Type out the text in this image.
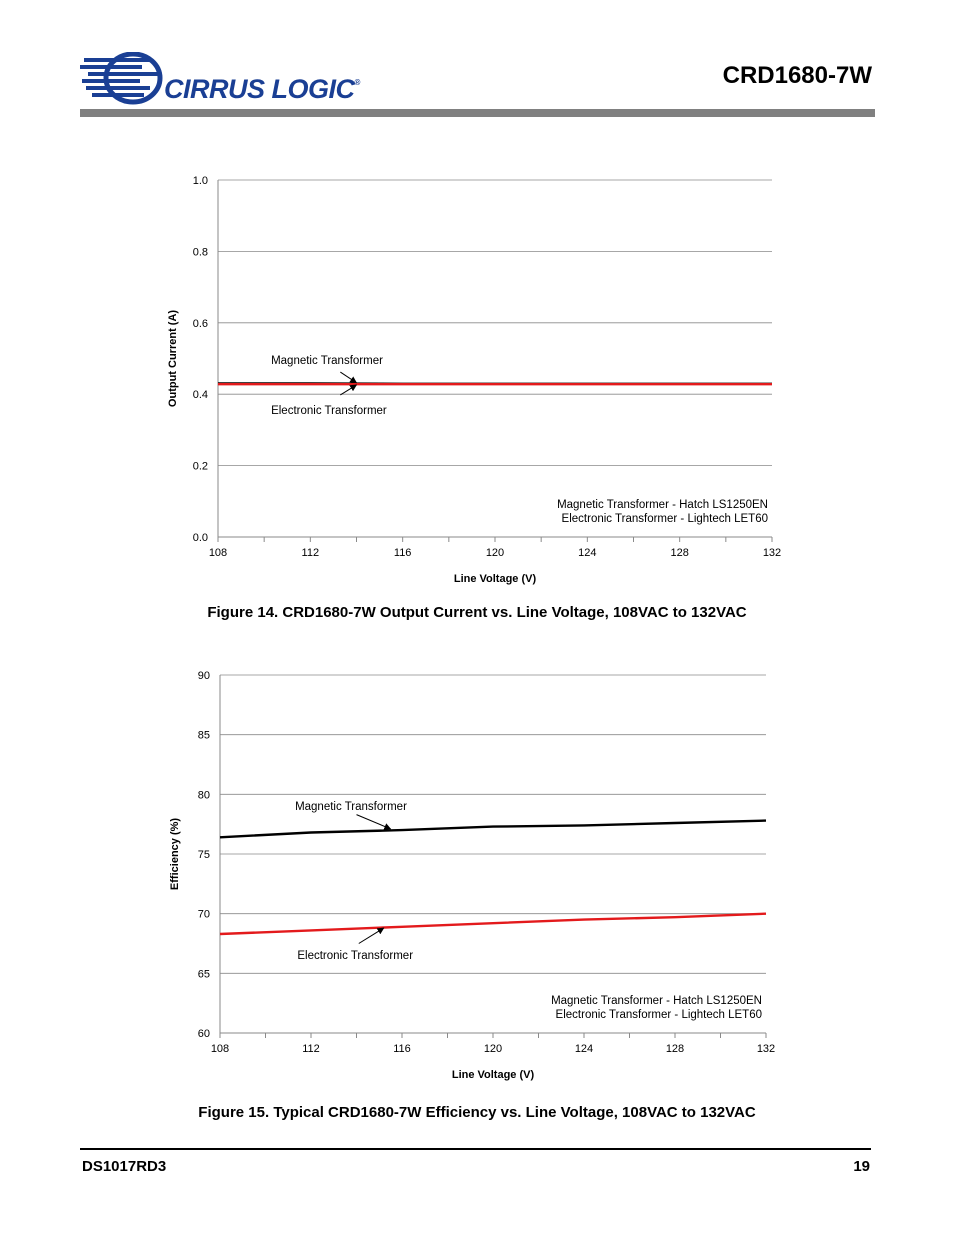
CIRRUS LOGIC®	CRD1680-7W
0.0
0.2
0.4
0.6
0.8
1.0
108	112	116	120	124	128	132
Line Voltage (V)
Output Current (A)	Magnetic Transformer
Electronic Transformer
Magnetic Transformer - Hatch LS1250EN
Electronic Transformer - Lightech LET60
Figure 14. CRD1680-7W Output Current vs. Line Voltage, 108VAC to 132VAC
60
65
70
75
80
85
90
108	112	116	120	124	128	132
Line Voltage (V)
Efficiency (%)
Magnetic Transformer
Electronic Transformer
Magnetic Transformer - Hatch LS1250EN
Electronic Transformer - Lightech LET60
Figure 15. Typical CRD1680-7W Efficiency vs. Line Voltage, 108VAC to 132VAC
DS1017RD3	19
